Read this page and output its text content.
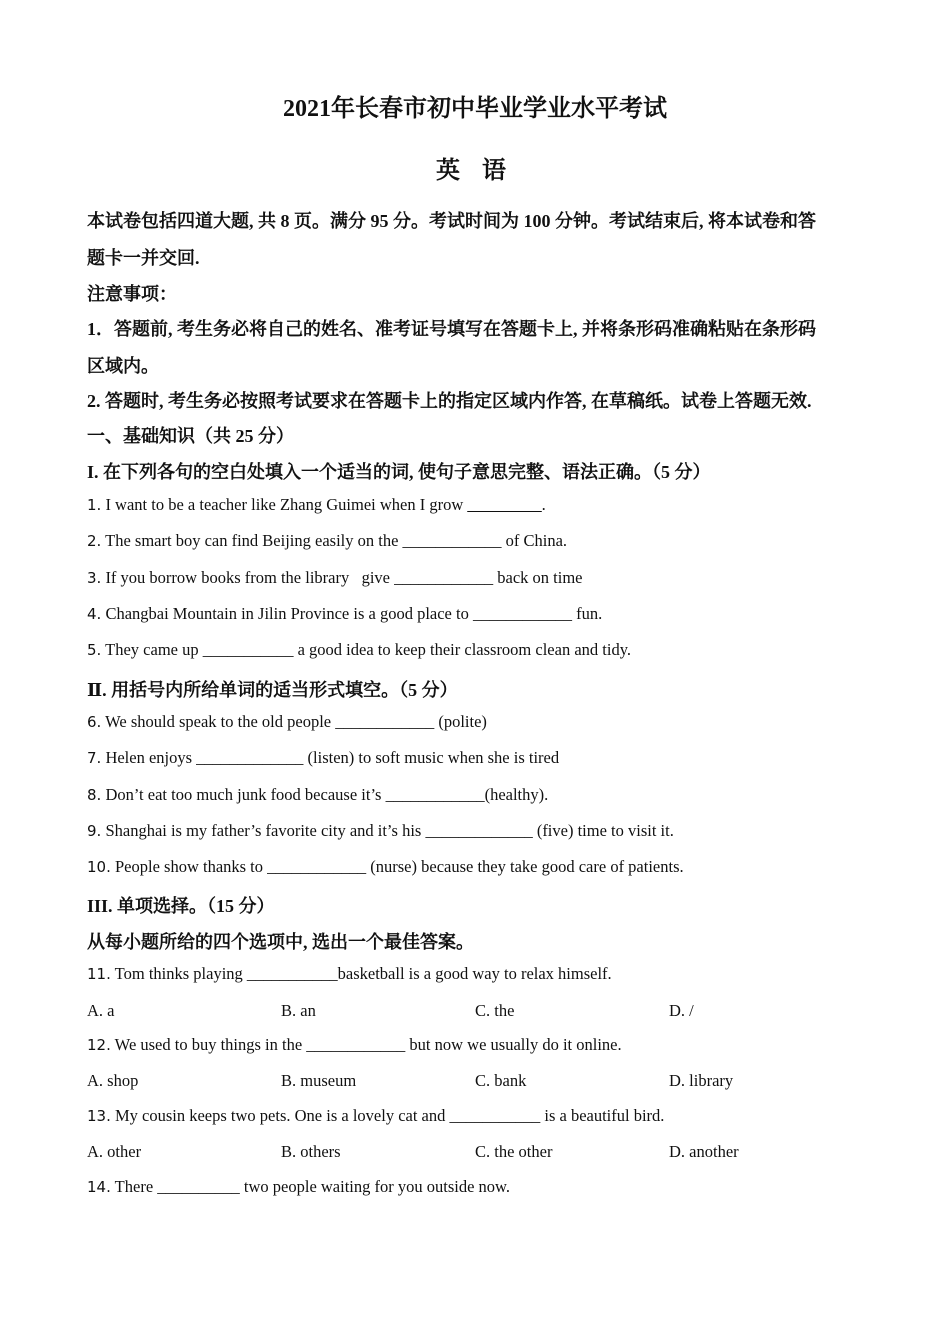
2021年长春市初中毕业学业水平考试
英 语
本试卷包括四道大题, 共 8 页。满分 95 分。考试时间为 100 分钟。考试结束后, 将本试卷和答
题卡一并交回.
注意事项：
1．答题前, 考生务必将自己的姓名、准考证号填写在答题卡上, 并将条形码准确粘贴在条形码
区域内。
2. 答题时, 考生务必按照考试要求在答题卡上的指定区域内作答, 在草稿纸。试卷上答题无效.
一、基础知识（共 25 分）
I. 在下列各句的空白处填入一个适当的词, 使句子意思完整、语法正确。（5 分）
1. I want to be a teacher like Zhang Guimei when I grow _________.
2. The smart boy can find Beijing easily on the ____________ of China.
3. If you borrow books from the library   give ____________ back on time
4. Changbai Mountain in Jilin Province is a good place to ____________ fun.
5. They came up ___________ a good idea to keep their classroom clean and tidy.
Ⅱ. 用括号内所给单词的适当形式填空。（5 分）
6. We should speak to the old people ____________ (polite)
7. Helen enjoys _____________ (listen) to soft music when she is tired
8. Don’t eat too much junk food because it’s ____________(healthy).
9. Shanghai is my father’s favorite city and it’s his _____________ (five) time to visit it.
10. People show thanks to ____________ (nurse) because they take good care of patients.
III. 单项选择。（15 分）
从每小题所给的四个选项中, 选出一个最佳答案。
11. Tom thinks playing ___________basketball is a good way to relax himself.
A. a	B. an	C. the	D. /
12. We used to buy things in the ____________ but now we usually do it online.
A. shop	B. museum	C. bank	D. library
13. My cousin keeps two pets. One is a lovely cat and ___________ is a beautiful bird.
A. other	B. others	C. the other	D. another
14. There __________ two people waiting for you outside now.
